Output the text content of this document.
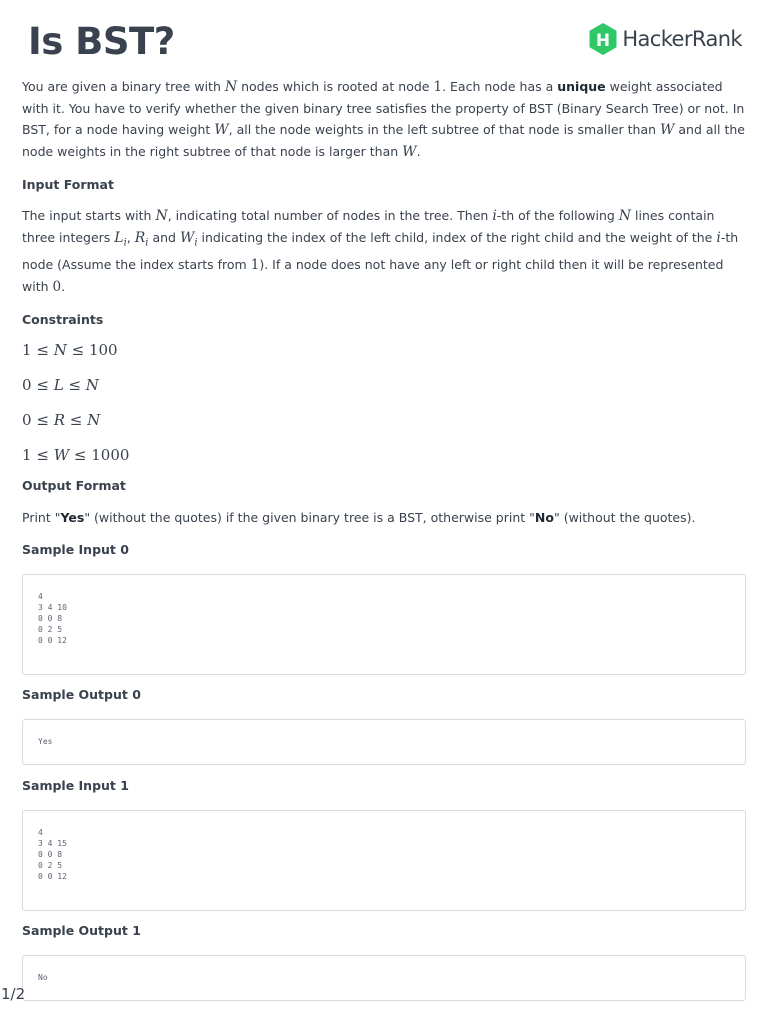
Is BST?	H HackerRank

You are given a binary tree with N nodes which is rooted at node 1. Each node has a unique weight associated with it. You have to verify whether the given binary tree satisfies the property of BST (Binary Search Tree) or not. In BST, for a node having weight W, all the node weights in the left subtree of that node is smaller than W and all the node weights in the right subtree of that node is larger than W.

Input Format

The input starts with N, indicating total number of nodes in the tree. Then i-th of the following N lines contain three integers $L_i$, $R_i$ and $W_i$ indicating the index of the left child, index of the right child and the weight of the i-th node (Assume the index starts from 1). If a node does not have any left or right child then it will be represented with 0.

Constraints
1 ≤ N ≤ 100
0 ≤ L ≤ N
0 ≤ R ≤ N
1 ≤ W ≤ 1000
Output Format

Print "Yes" (without the quotes) if the given binary tree is a BST, otherwise print "No" (without the quotes).

Sample Input 0
4
3 4 10
0 0 8
0 2 5
0 0 12
Sample Output 0
Yes
Sample Input 1
4
3 4 15
0 0 8
0 2 5
0 0 12
Sample Output 1
No
1/2
